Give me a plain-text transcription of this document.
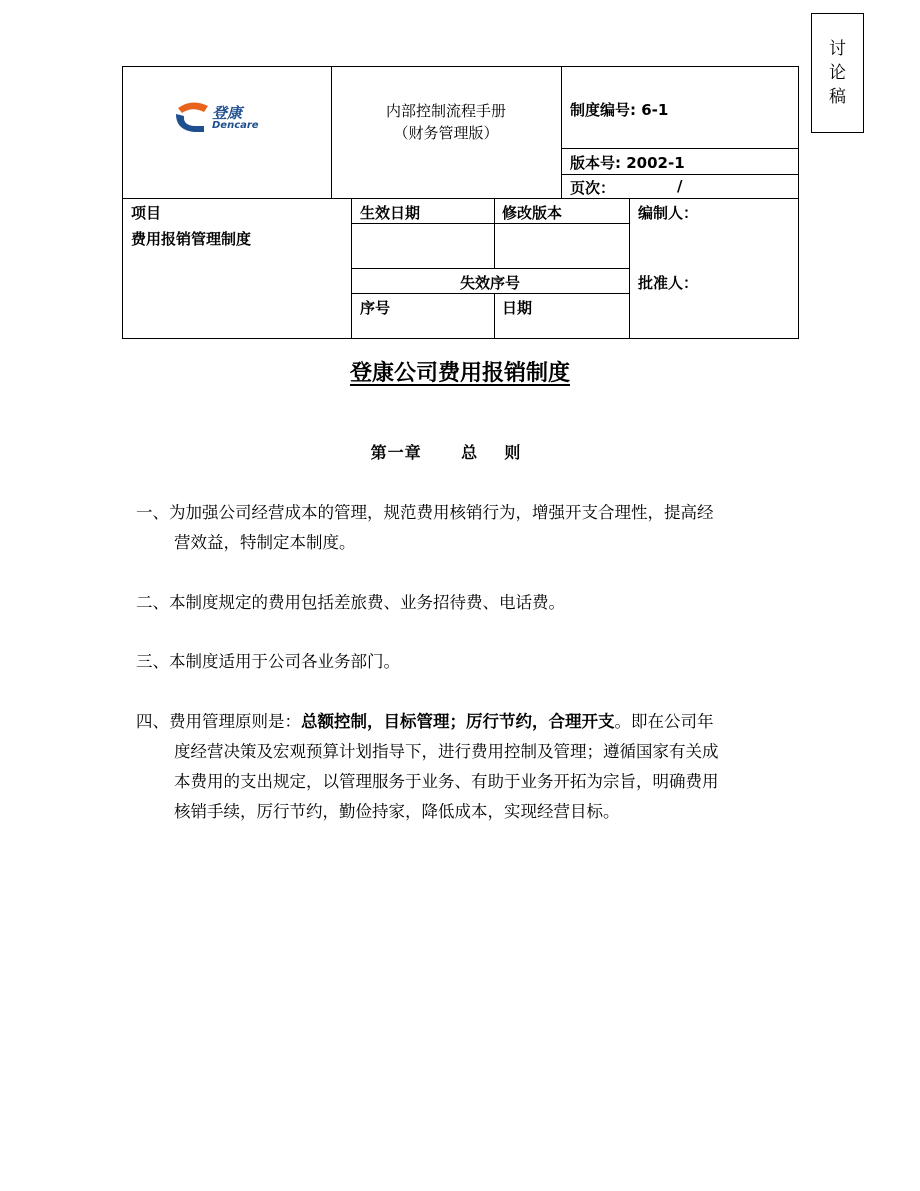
讨
论
稿
登康
Dencare
内部控制流程手册
（财务管理版）
制度编号: 6-1
版本号: 2002-1
页次：	/
项目
费用报销管理制度
生效日期	修改版本
失效序号
序号	日期
编制人：
批准人：
登康公司费用报销制度
第一章      总    则
一、为加强公司经营成本的管理，规范费用核销行为，增强开支合理性，提高经
营效益，特制定本制度。
二、本制度规定的费用包括差旅费、业务招待费、电话费。
三、本制度适用于公司各业务部门。
四、费用管理原则是：总额控制，目标管理；厉行节约，合理开支。即在公司年
度经营决策及宏观预算计划指导下，进行费用控制及管理；遵循国家有关成
本费用的支出规定，以管理服务于业务、有助于业务开拓为宗旨，明确费用
核销手续，厉行节约，勤俭持家，降低成本，实现经营目标。
